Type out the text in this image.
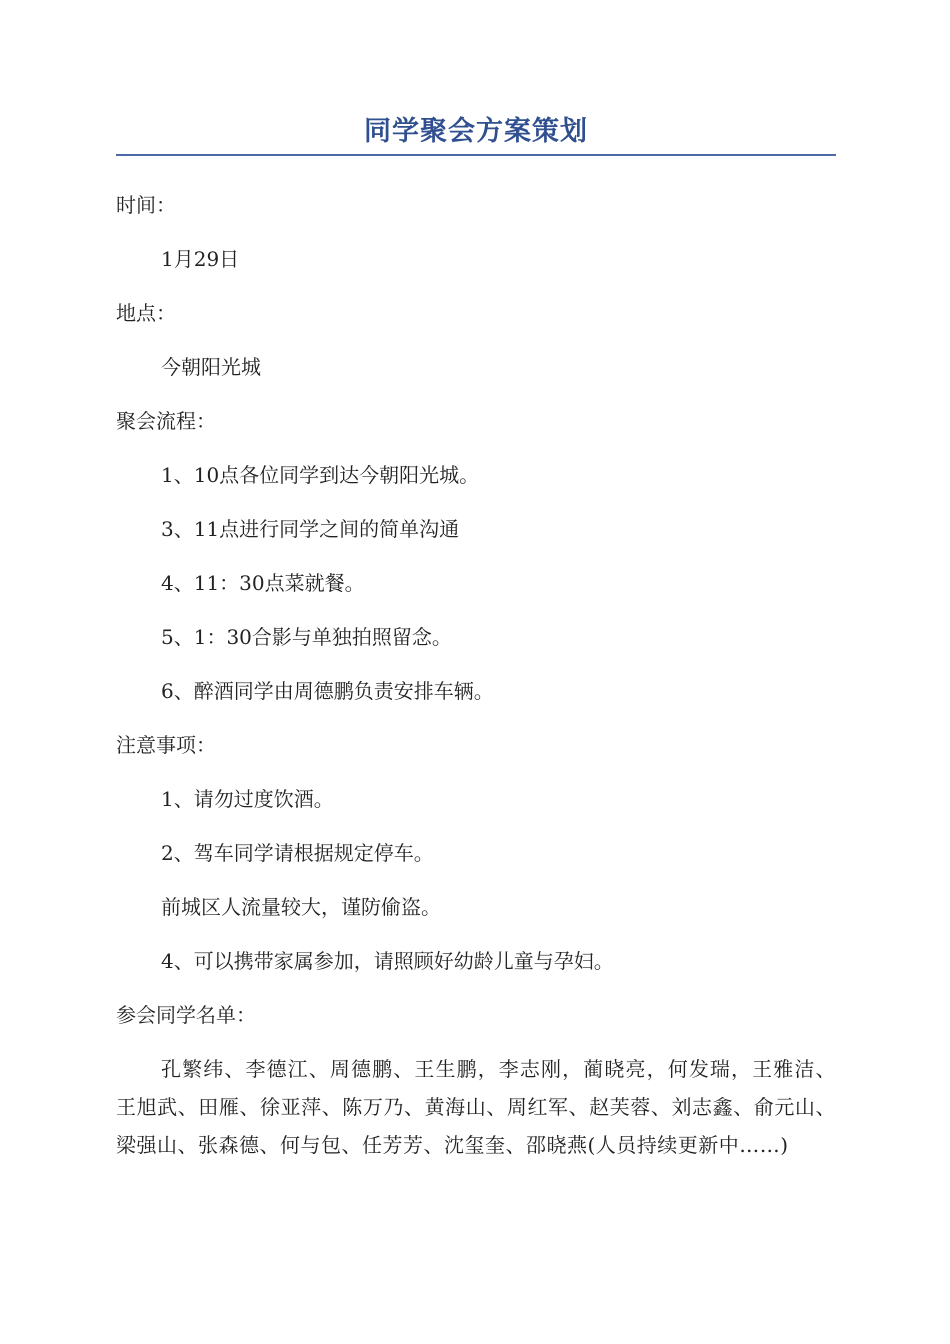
同学聚会方案策划

时间：

1月29日

地点：

今朝阳光城

聚会流程：

1、10点各位同学到达今朝阳光城。

3、11点进行同学之间的简单沟通

4、11：30点菜就餐。

5、1：30合影与单独拍照留念。

6、醉酒同学由周德鹏负责安排车辆。

注意事项：

1、请勿过度饮酒。

2、驾车同学请根据规定停车。

前城区人流量较大，谨防偷盗。

4、可以携带家属参加，请照顾好幼龄儿童与孕妇。

参会同学名单：

孔繁纬、李德江、周德鹏、王生鹏，李志刚，蔺晓亮，何发瑞，王雅洁、王旭武、田雁、徐亚萍、陈万乃、黄海山、周红军、赵芙蓉、刘志鑫、俞元山、梁强山、张森德、何与包、任芳芳、沈玺奎、邵晓燕(人员持续更新中……)
